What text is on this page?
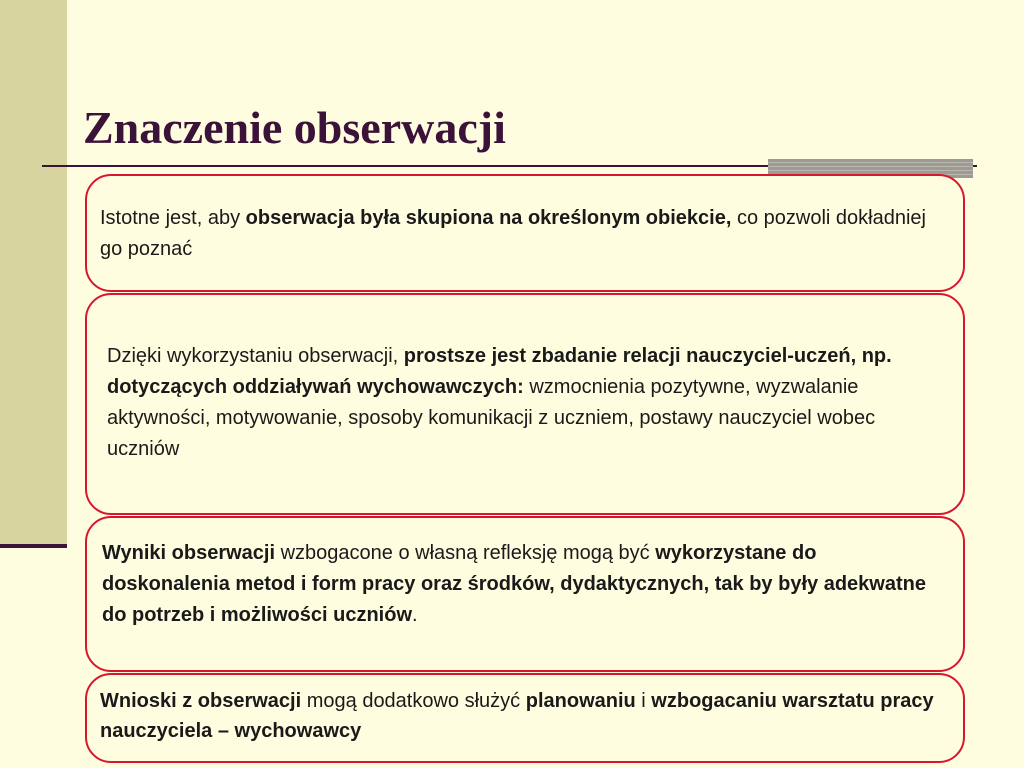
Znaczenie obserwacji

Istotne jest, aby obserwacja była skupiona na określonym obiekcie, co pozwoli dokładniej go poznać

Dzięki wykorzystaniu obserwacji, prostsze jest zbadanie relacji nauczyciel-uczeń, np. dotyczących oddziaływań wychowawczych: wzmocnienia pozytywne, wyzwalanie aktywności, motywowanie, sposoby komunikacji z uczniem, postawy nauczyciel wobec uczniów

Wyniki obserwacji wzbogacone o własną refleksję mogą być wykorzystane do doskonalenia metod i form pracy oraz środków, dydaktycznych, tak by były adekwatne do potrzeb i możliwości uczniów.

Wnioski z obserwacji mogą dodatkowo służyć planowaniu i wzbogacaniu warsztatu pracy nauczyciela – wychowawcy
